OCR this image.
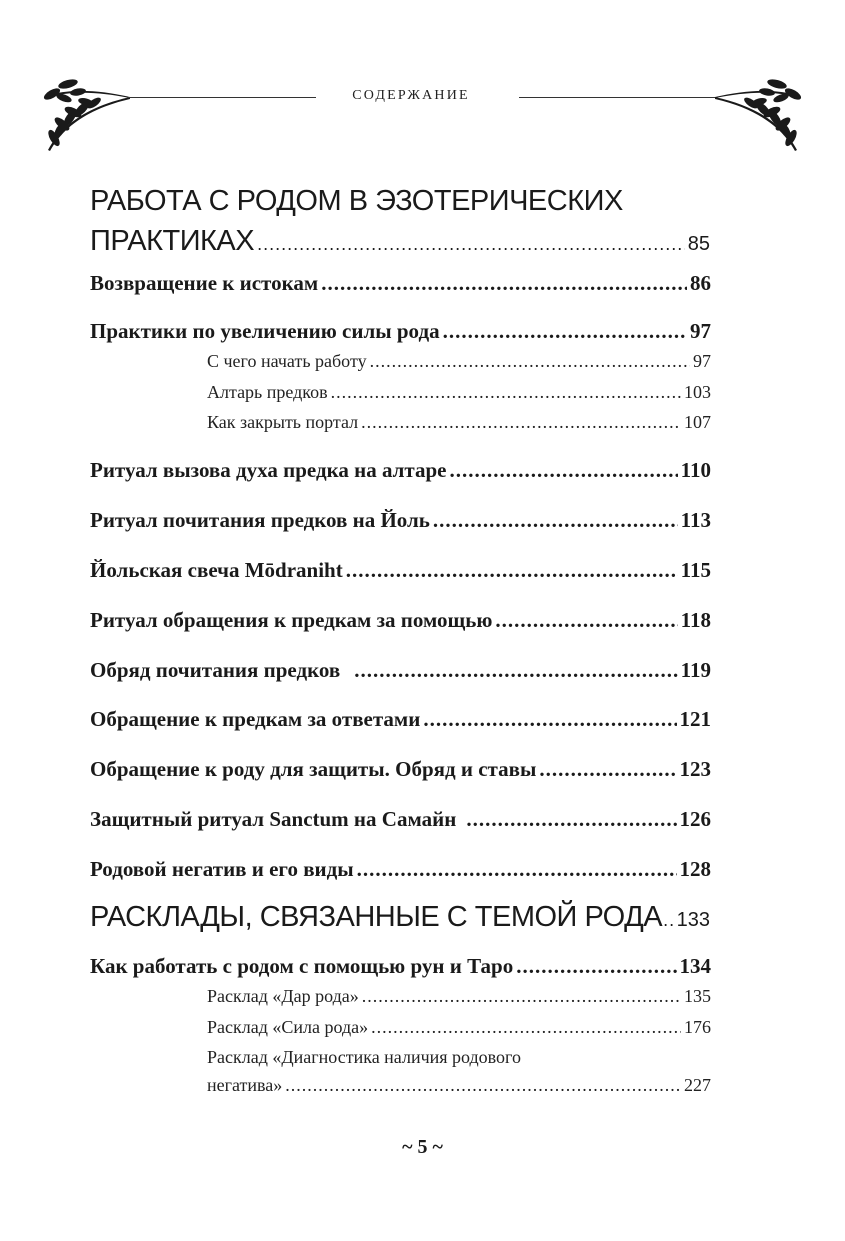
СОДЕРЖАНИЕ
РАБОТА С РОДОМ В ЭЗОТЕРИЧЕСКИХ
ПРАКТИКАХ .....	85
Возвращение к истокам .....	86
Практики по увеличению силы рода .....	97
С чего начать работу .....	97
Алтарь предков .....	103
Как закрыть портал .....	107
Ритуал вызова духа предка на алтаре .....	110
Ритуал почитания предков на Йоль .....	113
Йольская свеча Mōdraniht .....	115
Ритуал обращения к предкам за помощью .....	118
Обряд почитания предков .....	119
Обращение к предкам за ответами .....	121
Обращение к роду для защиты. Обряд и ставы .....	123
Защитный ритуал Sanctum на Самайн .....	126
Родовой негатив и его виды .....	128
РАСКЛАДЫ, СВЯЗАННЫЕ С ТЕМОЙ РОДА ..... 133
Как работать с родом с помощью рун и Таро .....	134
Расклад «Дар рода» .....	135
Расклад «Сила рода» .....	176
Расклад «Диагностика наличия родового
негатива» .....	227
~ 5 ~
